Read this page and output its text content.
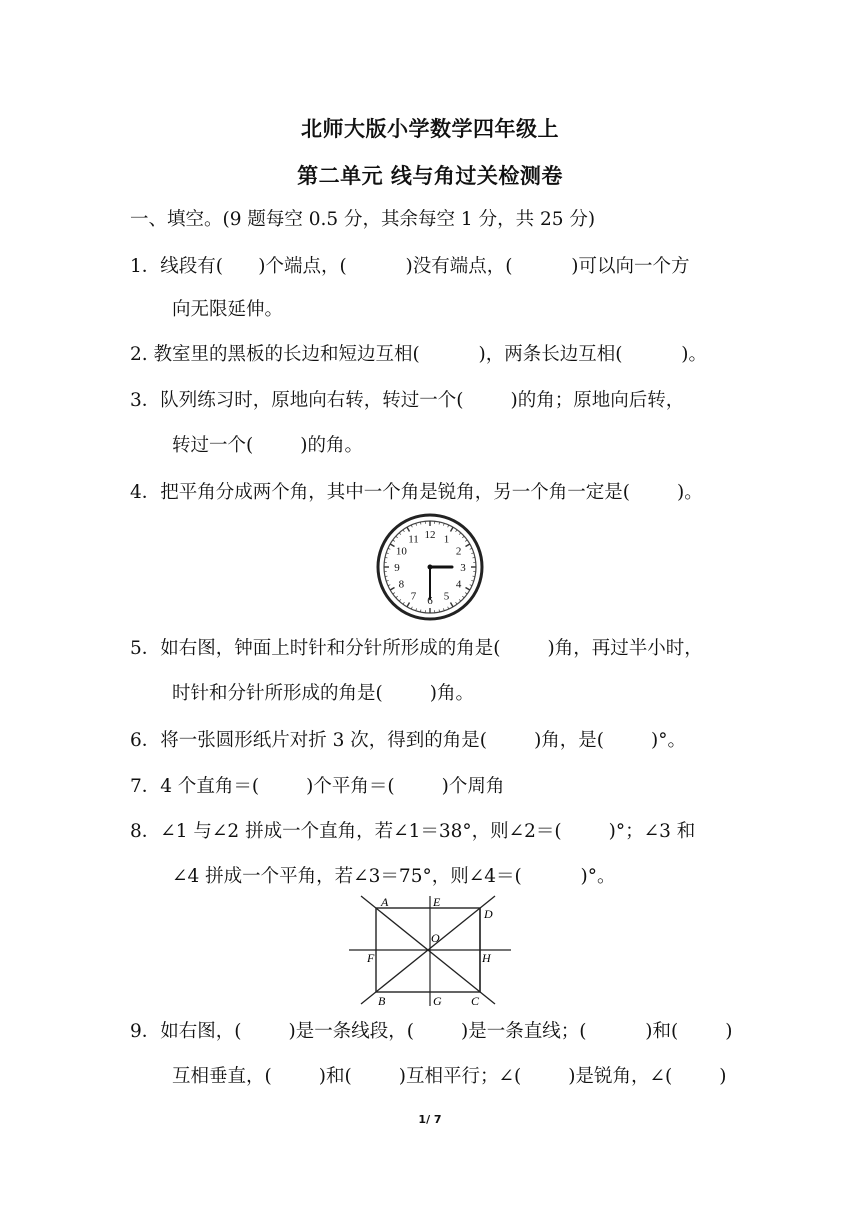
北师大版小学数学四年级上
第二单元 线与角过关检测卷
一、填空。(9 题每空 0.5 分，其余每空 1 分，共 25 分)
1．线段有(      )个端点，(          )没有端点，(          )可以向一个方
向无限延伸。
2. 教室里的黑板的长边和短边互相(          )，两条长边互相(          )。
3．队列练习时，原地向右转，转过一个(        )的角；原地向后转，
转过一个(        )的角。
4．把平角分成两个角，其中一个角是锐角，另一个角一定是(        )。
12 1
2
3
4
5
6
7
8
9
10
11
5．如右图，钟面上时针和分针所形成的角是(        )角，再过半小时，
时针和分针所形成的角是(        )角。
6．将一张圆形纸片对折 3 次，得到的角是(        )角，是(        )°。
7．4 个直角＝(        )个平角＝(        )个周角
8．∠1 与∠2 拼成一个直角，若∠1＝38°，则∠2＝(        )°；∠3 和
∠4 拼成一个平角，若∠3＝75°，则∠4＝(          )°。
A	E
D
O
F	H
B	G C
9．如右图，(        )是一条线段，(        )是一条直线；(          )和(        )
互相垂直，(        )和(        )互相平行；∠(        )是锐角，∠(        )
1/ 7
